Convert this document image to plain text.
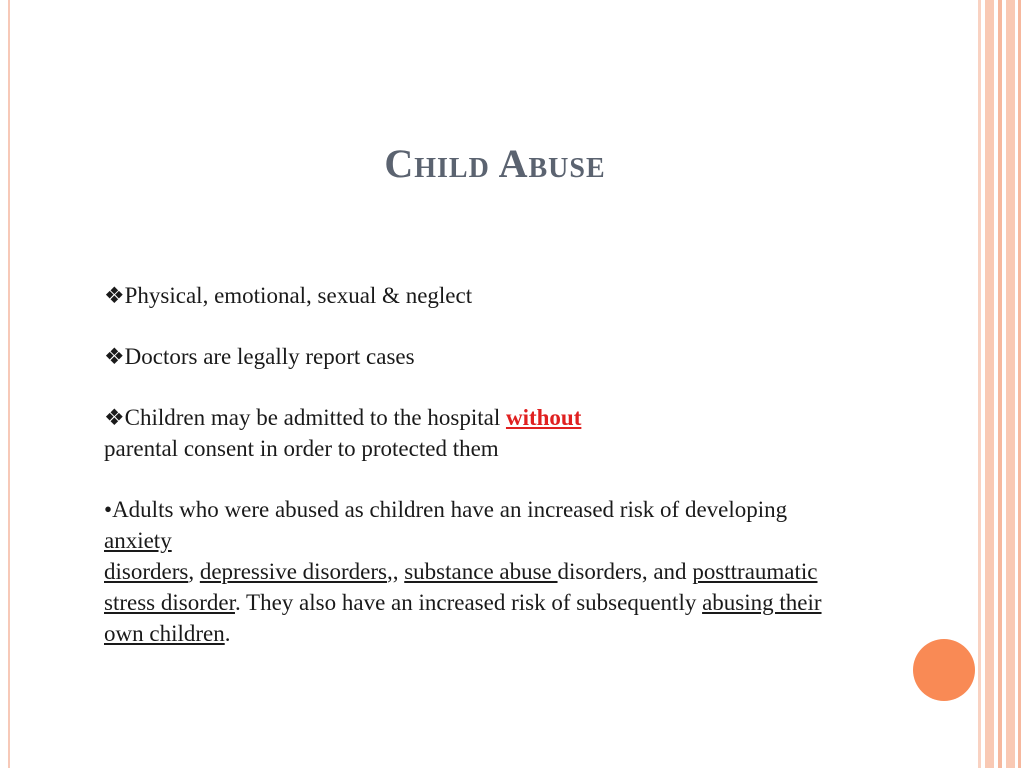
Child Abuse

❖Physical, emotional, sexual & neglect

❖Doctors are legally report cases

❖Children may be admitted to the hospital without
parental consent in order to protected them

•Adults who were abused as children have an increased risk of developing anxiety
disorders, depressive disorders,, substance abuse disorders, and posttraumatic stress disorder. They also have an increased risk of subsequently abusing their own children.
